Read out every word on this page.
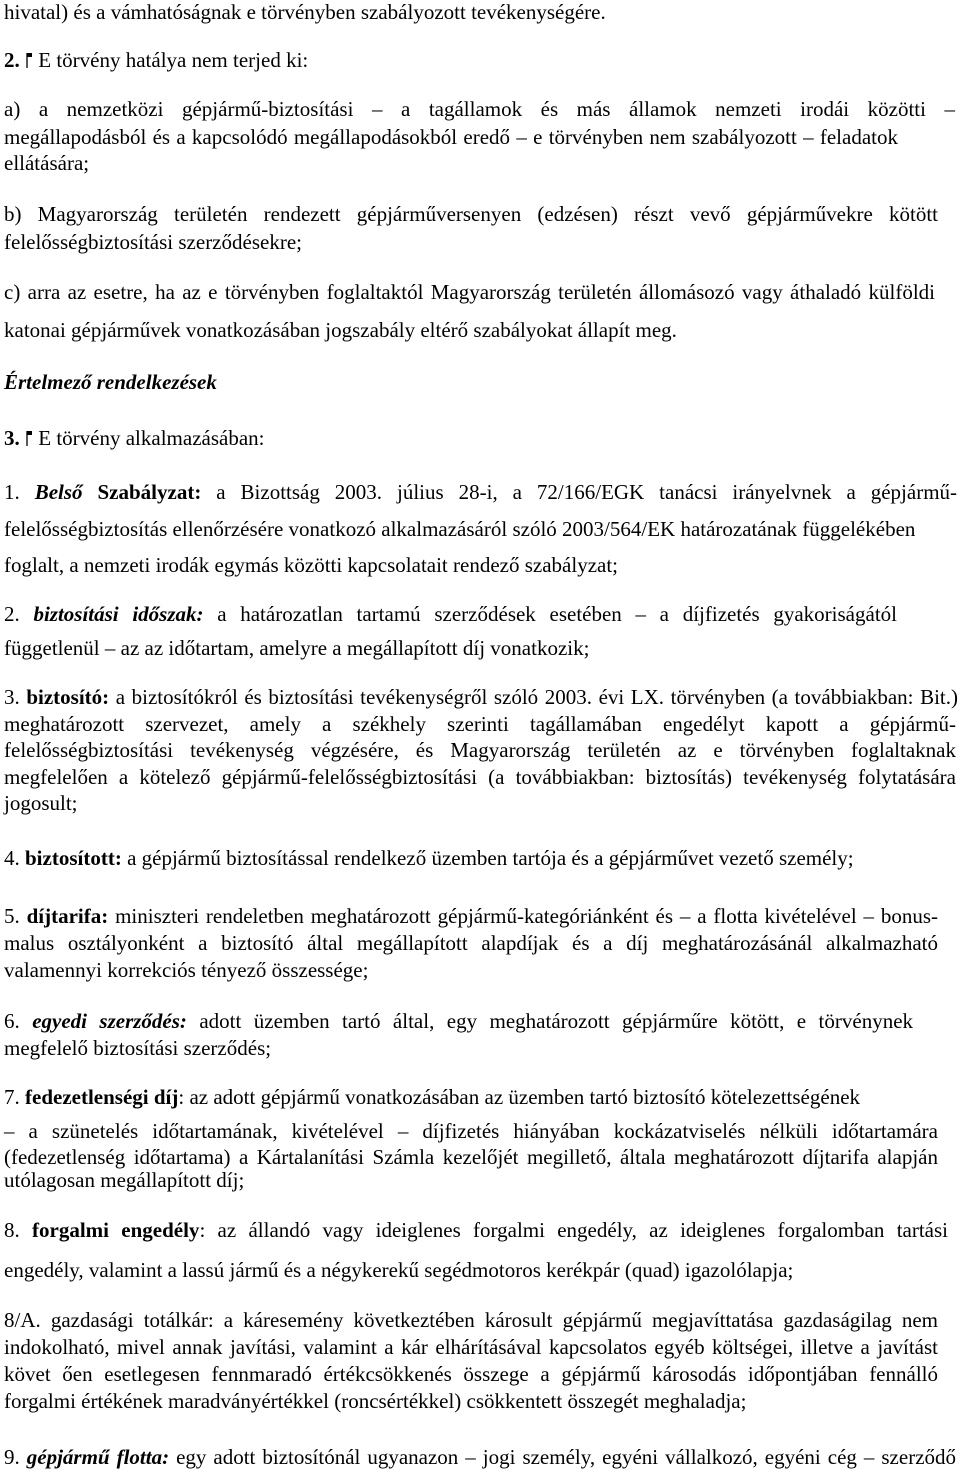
hivatal) és a vámhatóságnak e törvényben szabályozott tevékenységére.
2. E törvény hatálya nem terjed ki:
a) a nemzetközi gépjármű-biztosítási – a tagállamok és más államok nemzeti irodái közötti –
megállapodásból és a kapcsolódó megállapodásokból eredő – e törvényben nem szabályozott – feladatok
ellátására;
b) Magyarország területén rendezett gépjárműversenyen (edzésen) részt vevő gépjárművekre kötött
felelősségbiztosítási szerződésekre;
c) arra az esetre, ha az e törvényben foglaltaktól Magyarország területén állomásozó vagy áthaladó külföldi
katonai gépjárművek vonatkozásában jogszabály eltérő szabályokat állapít meg.
Értelmező rendelkezések
3. E törvény alkalmazásában:
1. Belső Szabályzat: a Bizottság 2003. július 28-i, a 72/166/EGK tanácsi irányelvnek a gépjármű-
felelősségbiztosítás ellenőrzésére vonatkozó alkalmazásáról szóló 2003/564/EK határozatának függelékében
foglalt, a nemzeti irodák egymás közötti kapcsolatait rendező szabályzat;
2. biztosítási időszak: a határozatlan tartamú szerződések esetében – a díjfizetés gyakoriságától
függetlenül – az az időtartam, amelyre a megállapított díj vonatkozik;
3. biztosító: a biztosítókról és biztosítási tevékenységről szóló 2003. évi LX. törvényben (a továbbiakban: Bit.)
meghatározott szervezet, amely a székhely szerinti tagállamában engedélyt kapott a gépjármű-
felelősségbiztosítási tevékenység végzésére, és Magyarország területén az e törvényben foglaltaknak
megfelelően a kötelező gépjármű-felelősségbiztosítási (a továbbiakban: biztosítás) tevékenység folytatására
jogosult;
4. biztosított: a gépjármű biztosítással rendelkező üzemben tartója és a gépjárművet vezető személy;
5. díjtarifa: miniszteri rendeletben meghatározott gépjármű-kategóriánként és – a flotta kivételével – bonus-
malus osztályonként a biztosító által megállapított alapdíjak és a díj meghatározásánál alkalmazható
valamennyi korrekciós tényező összessége;
6. egyedi szerződés: adott üzemben tartó által, egy meghatározott gépjárműre kötött, e törvénynek
megfelelő biztosítási szerződés;
7. fedezetlenségi díj: az adott gépjármű vonatkozásában az üzemben tartó biztosító kötelezettségének
– a szünetelés időtartamának, kivételével – díjfizetés hiányában kockázatviselés nélküli időtartamára
(fedezetlenség időtartama) a Kártalanítási Számla kezelőjét megillető, általa meghatározott díjtarifa alapján
utólagosan megállapított díj;
8. forgalmi engedély: az állandó vagy ideiglenes forgalmi engedély, az ideiglenes forgalomban tartási
engedély, valamint a lassú jármű és a négykerekű segédmotoros kerékpár (quad) igazolólapja;
8/A. gazdasági totálkár: a káresemény következtében károsult gépjármű megjavíttatása gazdaságilag nem
indokolható, mivel annak javítási, valamint a kár elhárításával kapcsolatos egyéb költségei, illetve a javítást
követ ően esetlegesen fennmaradó értékcsökkenés összege a gépjármű károsodás időpontjában fennálló
forgalmi értékének maradványértékkel (roncsértékkel) csökkentett összegét meghaladja;
9. gépjármű flotta: egy adott biztosítónál ugyanazon – jogi személy, egyéni vállalkozó, egyéni cég – szerződő
